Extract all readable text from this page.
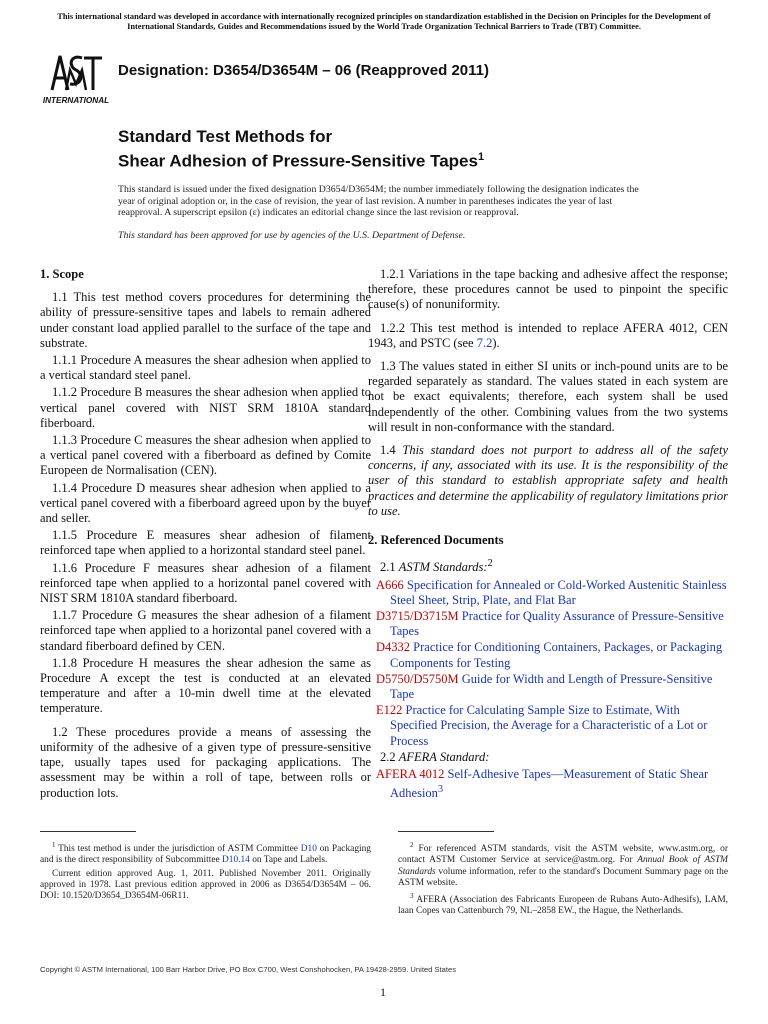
This international standard was developed in accordance with internationally recognized principles on standardization established in the Decision on Principles for the Development of International Standards, Guides and Recommendations issued by the World Trade Organization Technical Barriers to Trade (TBT) Committee.
INTERNATIONAL
Designation: D3654/D3654M – 06 (Reapproved 2011)
Standard Test Methods for
Shear Adhesion of Pressure-Sensitive Tapes$^1$
This standard is issued under the fixed designation D3654/D3654M; the number immediately following the designation indicates the year of original adoption or, in the case of revision, the year of last revision. A number in parentheses indicates the year of last reapproval. A superscript epsilon (ε) indicates an editorial change since the last revision or reapproval.
This standard has been approved for use by agencies of the U.S. Department of Defense.
1. Scope

1.1 This test method covers procedures for determining the ability of pressure-sensitive tapes and labels to remain adhered under constant load applied parallel to the surface of the tape and substrate.

1.1.1 Procedure A measures the shear adhesion when applied to a vertical standard steel panel.

1.1.2 Procedure B measures the shear adhesion when applied to vertical panel covered with NIST SRM 1810A standard fiberboard.

1.1.3 Procedure C measures the shear adhesion when applied to a vertical panel covered with a fiberboard as defined by Comite Europeen de Normalisation (CEN).

1.1.4 Procedure D measures shear adhesion when applied to a vertical panel covered with a fiberboard agreed upon by the buyer and seller.

1.1.5 Procedure E measures shear adhesion of filament reinforced tape when applied to a horizontal standard steel panel.

1.1.6 Procedure F measures shear adhesion of a filament reinforced tape when applied to a horizontal panel covered with NIST SRM 1810A standard fiberboard.

1.1.7 Procedure G measures the shear adhesion of a filament reinforced tape when applied to a horizontal panel covered with a standard fiberboard defined by CEN.

1.1.8 Procedure H measures the shear adhesion the same as Procedure A except the test is conducted at an elevated temperature and after a 10-min dwell time at the elevated temperature.

1.2 These procedures provide a means of assessing the uniformity of the adhesive of a given type of pressure-sensitive tape, usually tapes used for packaging applications. The assessment may be within a roll of tape, between rolls or production lots.

1.2.1 Variations in the tape backing and adhesive affect the response; therefore, these procedures cannot be used to pinpoint the specific cause(s) of nonuniformity.

1.2.2 This test method is intended to replace AFERA 4012, CEN 1943, and PSTC (see 7.2).

1.3 The values stated in either SI units or inch-pound units are to be regarded separately as standard. The values stated in each system are not be exact equivalents; therefore, each system shall be used independently of the other. Combining values from the two systems will result in non-conformance with the standard.

1.4 This standard does not purport to address all of the safety concerns, if any, associated with its use. It is the responsibility of the user of this standard to establish appropriate safety and health practices and determine the applicability of regulatory limitations prior to use.

2. Referenced Documents

2.1 ASTM Standards:$^2$

A666 Specification for Annealed or Cold-Worked Austenitic Stainless Steel Sheet, Strip, Plate, and Flat Bar
D3715/D3715M Practice for Quality Assurance of Pressure-Sensitive Tapes
D4332 Practice for Conditioning Containers, Packages, or Packaging Components for Testing
D5750/D5750M Guide for Width and Length of Pressure-Sensitive Tape
E122 Practice for Calculating Sample Size to Estimate, With Specified Precision, the Average for a Characteristic of a Lot or Process

2.2 AFERA Standard:

AFERA 4012 Self-Adhesive Tapes—Measurement of Static Shear Adhesion$^3$

$^1$ This test method is under the jurisdiction of ASTM Committee D10 on Packaging and is the direct responsibility of Subcommittee D10.14 on Tape and Labels.

Current edition approved Aug. 1, 2011. Published November 2011. Originally approved in 1978. Last previous edition approved in 2006 as D3654/D3654M – 06. DOI: 10.1520/D3654_D3654M-06R11.

$^2$ For referenced ASTM standards, visit the ASTM website, www.astm.org, or contact ASTM Customer Service at service@astm.org. For Annual Book of ASTM Standards volume information, refer to the standard's Document Summary page on the ASTM website.

$^3$ AFERA (Association des Fabricants Europeen de Rubans Auto-Adhesifs), LAM, laan Copes van Cattenburch 79, NL–2858 EW., the Hague, the Netherlands.

Copyright © ASTM International, 100 Barr Harbor Drive, PO Box C700, West Conshohocken, PA 19428-2959. United States
1
